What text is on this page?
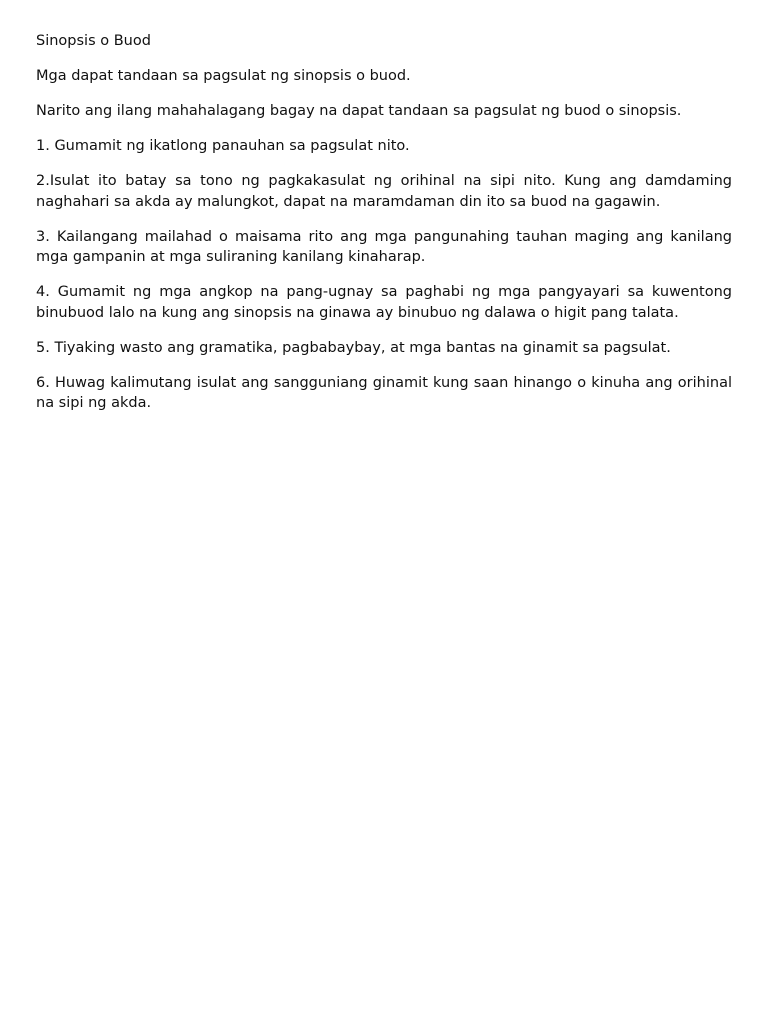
Sinopsis o Buod

Mga dapat tandaan sa pagsulat ng sinopsis o buod.

Narito ang ilang mahahalagang bagay na dapat tandaan sa pagsulat ng buod o sinopsis.

1. Gumamit ng ikatlong panauhan sa pagsulat nito.

2.Isulat ito batay sa tono ng pagkakasulat ng orihinal na sipi nito. Kung ang damdaming naghahari sa akda ay malungkot, dapat na maramdaman din ito sa buod na gagawin.

3. Kailangang mailahad o maisama rito ang mga pangunahing tauhan maging ang kanilang mga gampanin at mga suliraning kanilang kinaharap.

4. Gumamit ng mga angkop na pang-ugnay sa paghabi ng mga pangyayari sa kuwentong binubuod lalo na kung ang sinopsis na ginawa ay binubuo ng dalawa o higit pang talata.

5. Tiyaking wasto ang gramatika, pagbabaybay, at mga bantas na ginamit sa pagsulat.

6. Huwag kalimutang isulat ang sangguniang ginamit kung saan hinango o kinuha ang orihinal na sipi ng akda.
